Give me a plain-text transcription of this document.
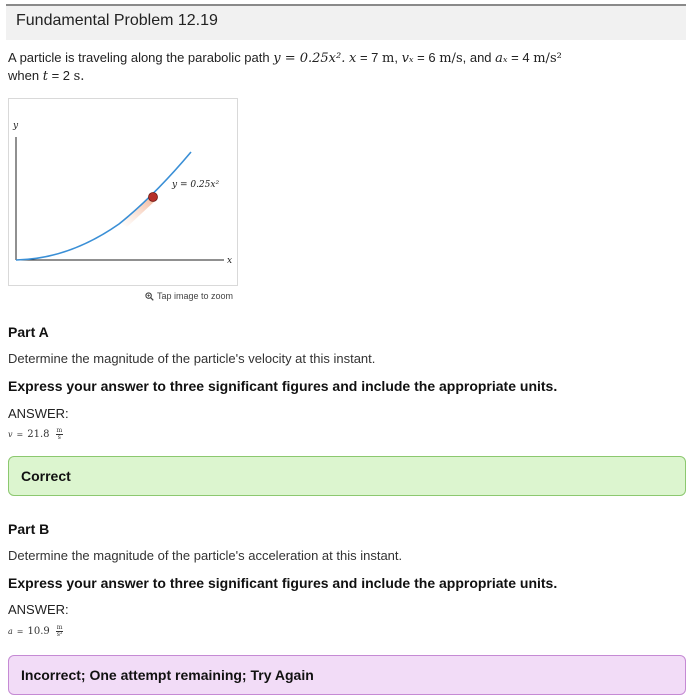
Fundamental Problem 12.19
A particle is traveling along the parabolic path y = 0.25x². x = 7 m, vₓ = 6 m/s, and aₓ = 4 m/s²
when t = 2 s.
y
x
y = 0.25x²
Tap image to zoom
Part A
Determine the magnitude of the particle's velocity at this instant.
Express your answer to three significant figures and include the appropriate units.
ANSWER:
$v = 21.8 \frac{m}{s}$
Correct
Part B
Determine the magnitude of the particle's acceleration at this instant.
Express your answer to three significant figures and include the appropriate units.
ANSWER:
$a = 10.9 \frac{m}{\text{s²}}$
Incorrect; One attempt remaining; Try Again
